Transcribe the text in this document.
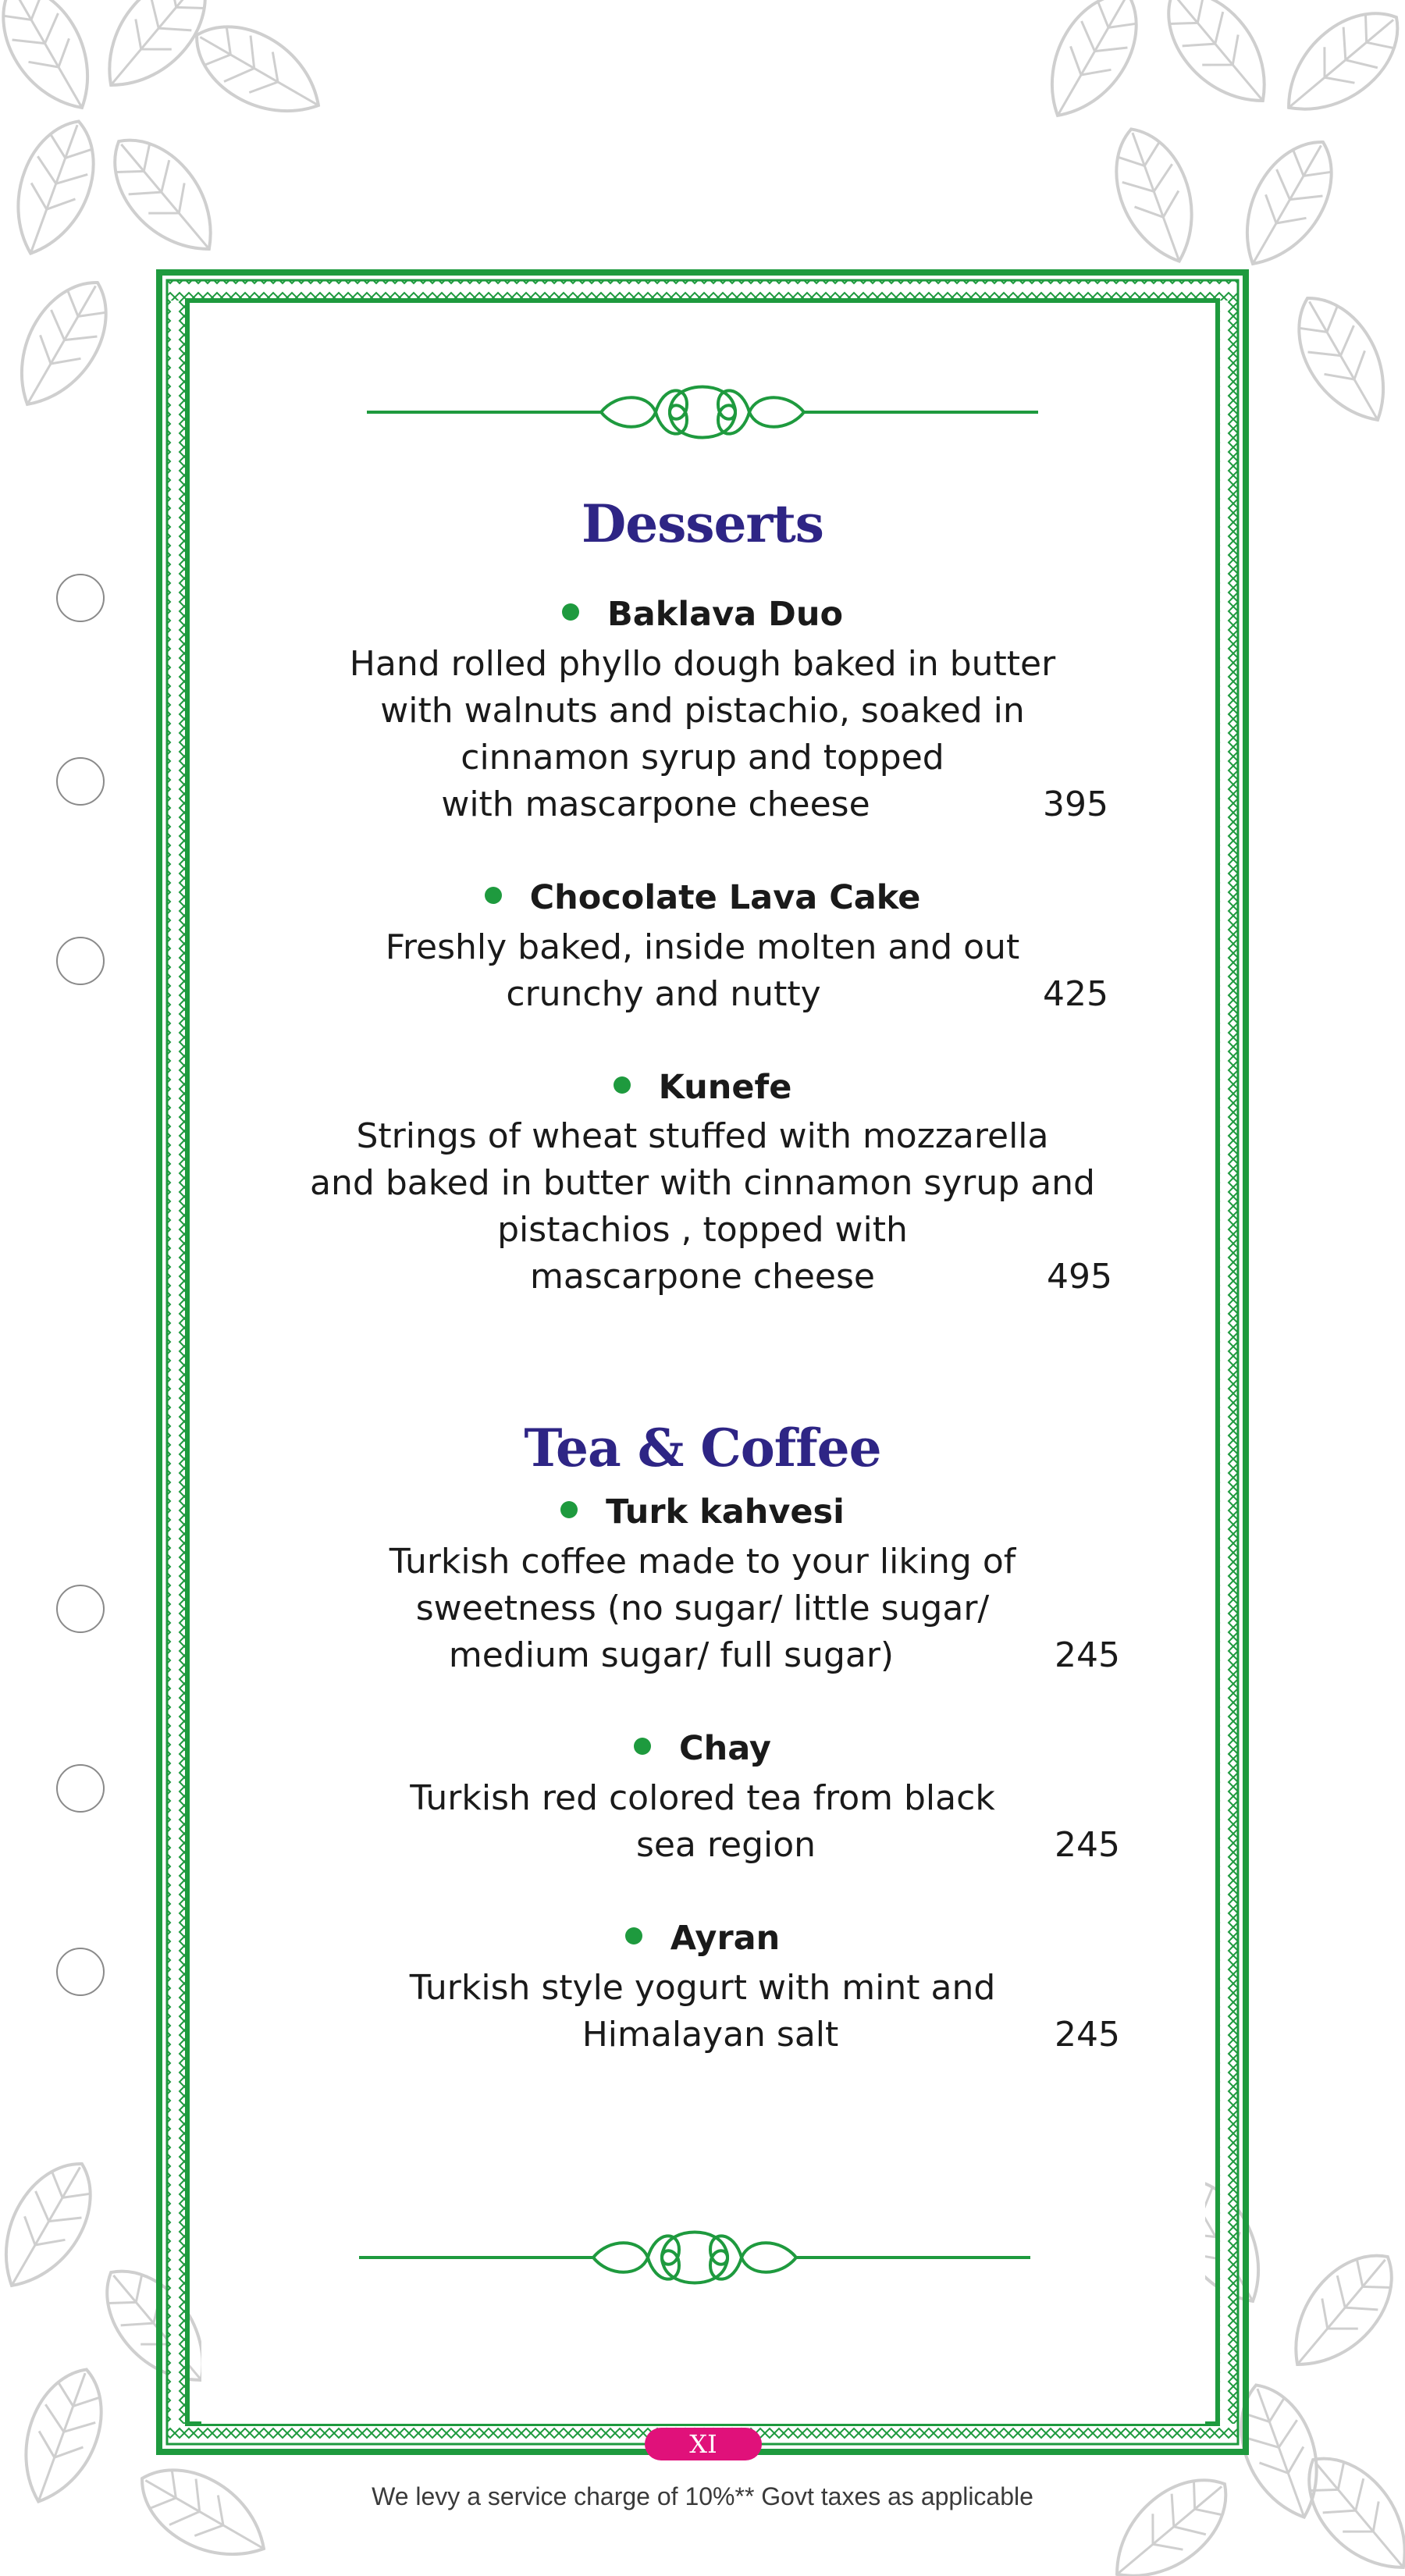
Desserts
Baklava Duo
Hand rolled phyllo dough baked in butter
with walnuts and pistachio, soaked in
cinnamon syrup and topped
with mascarpone cheese	395
Chocolate Lava Cake
Freshly baked, inside molten and out
crunchy and nutty	425
Kunefe
Strings of wheat stuffed with mozzarella
and baked in butter with cinnamon syrup and
pistachios , topped with
mascarpone cheese	495
Tea & Coffee
Turk kahvesi
Turkish coffee made to your liking of
sweetness (no sugar/ little sugar/
medium sugar/ full sugar)	245
Chay
Turkish red colored tea from black
sea region	245
Ayran
Turkish style yogurt with mint and
Himalayan salt	245
XI
We levy a service charge of 10%** Govt taxes as applicable
